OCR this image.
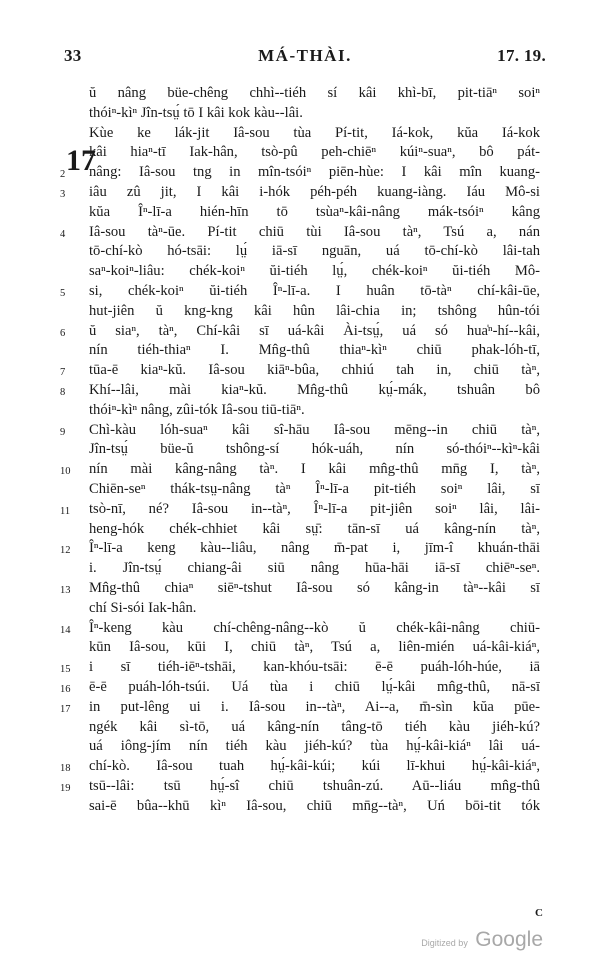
33	MÁ-THÀI.	17. 19.
17
ŭ nâng büe-chêng chhì--tiéh sí kâi khì-bī, pit-tiāⁿ soiⁿ
thóiⁿ-kìⁿ Jîn-tsṳ́ tō I kâi kok kàu--lâi.
Kùe ke lák-jit Iâ-sou tùa Pí-tit, Iá-kok, kŭa Iá-kok
kâi hiaⁿ-tī Iak-hân, tsò-pû peh-chiēⁿ kúiⁿ-suaⁿ, bô pát-
2	nâng: Iâ-sou tng in mîn-tsóiⁿ piēn-hùe: I kâi mîn kuang-
3	iâu zû jit, I kâi i-hók péh-péh kuang-iàng. Iáu Mô-si
kŭa Îⁿ-lī-a hién-hīn tō tsùaⁿ-kâi-nâng mák-tsóiⁿ kâng
4	Iâ-sou tàⁿ-ūe. Pí-tit chiū tùi Iâ-sou tàⁿ, Tsú a, nán
tō-chí-kò hó-tsāi: lṳ́ iā-sī nguān, uá tō-chí-kò lâi-tah
saⁿ-koiⁿ-liâu: chék-koiⁿ ŭi-tiéh lṳ́, chék-koiⁿ ŭi-tiéh Mô-
5	si, chék-koiⁿ ŭi-tiéh Îⁿ-lī-a. I huân tō-tàⁿ chí-kâi-ūe,
hut-jiên ŭ kng-kng kâi hûn lâi-chia in; tshông hûn-tói
6	ŭ siaⁿ, tàⁿ, Chí-kâi sī uá-kâi Ài-tsṳ́, uá só hua̍ⁿ-hí--kâi,
nín tiéh-thiaⁿ I. Mn̂g-thû thiaⁿ-kìⁿ chiū phak-lóh-tī,
7	tūa-ē kiaⁿ-kŭ. Iâ-sou kiāⁿ-bûa, chhiú tah in, chiū tàⁿ,
8	Khí--lâi, mài kiaⁿ-kŭ. Mn̂g-thû kṳ́-mák, tshuân bô
thóiⁿ-kìⁿ nâng, zûi-tók Iâ-sou tiū-tiāⁿ.
9	Chì-kàu lóh-suaⁿ kâi sî-hāu Iâ-sou mēng--in chiū tàⁿ,
Jîn-tsṳ́ büe-ŭ tshông-sí hók-uáh, nín só-thóiⁿ--kìⁿ-kâi
10	nín mài kâng-nâng tàⁿ. I kâi mn̂g-thû mn̄g I, tàⁿ,
Chiēn-seⁿ thák-tsṳ-nâng tàⁿ Îⁿ-lī-a pit-tiéh soiⁿ lâi, sī
11	tsò-nī, né? Iâ-sou in--tàⁿ, Îⁿ-lī-a pit-jiên soiⁿ lâi, lâi-
heng-hók chék-chhiet kâi sṳ̄: tān-sī uá kâng-nín tàⁿ,
12	Îⁿ-lī-a keng kàu--liâu, nâng m̄-pat i, jīm-î khuán-thāi
i. Jîn-tsṳ́ chiang-âi siū nâng hūa-hāi iā-sī chiēⁿ-seⁿ.
13	Mn̂g-thû chiaⁿ siēⁿ-tshut Iâ-sou só kâng-in tàⁿ--kâi sī
chí Si-sói Iak-hân.
14	Îⁿ-keng kàu chí-chêng-nâng--kò ŭ chék-kâi-nâng chiū-
kūn Iâ-sou, kūi I, chiū tàⁿ, Tsú a, liên-mién uá-kâi-kiáⁿ,
15	i sī tiéh-iēⁿ-tshāi, kan-khóu-tsāi: ē-ē puáh-lóh-húe, iā
16	ē-ē puáh-lóh-tsúi. Uá tùa i chiū lṳ́-kâi mn̂g-thû, nā-sī
17	in put-lêng ui i. Iâ-sou in--tàⁿ, Ai--a, m̄-sìn kŭa pūe-
ngék kâi sì-tō, uá kâng-nín tâng-tō tiéh kàu jiéh-kú?
uá iông-jím nín tiéh kàu jiéh-kú? tùa hṳ́-kâi-kiáⁿ lâi uá-
18	chí-kò. Iâ-sou tuah hṳ́-kâi-kúi; kúi lī-khui hṳ́-kâi-kiáⁿ,
19	tsū--lâi: tsū hṳ́-sî chiū tshuân-zú. Aū--liáu mn̂g-thû
sai-ē bûa--khū kìⁿ Iâ-sou, chiū mn̄g--tàⁿ, Uń bōi-tit tók
C
Digitized by Google
